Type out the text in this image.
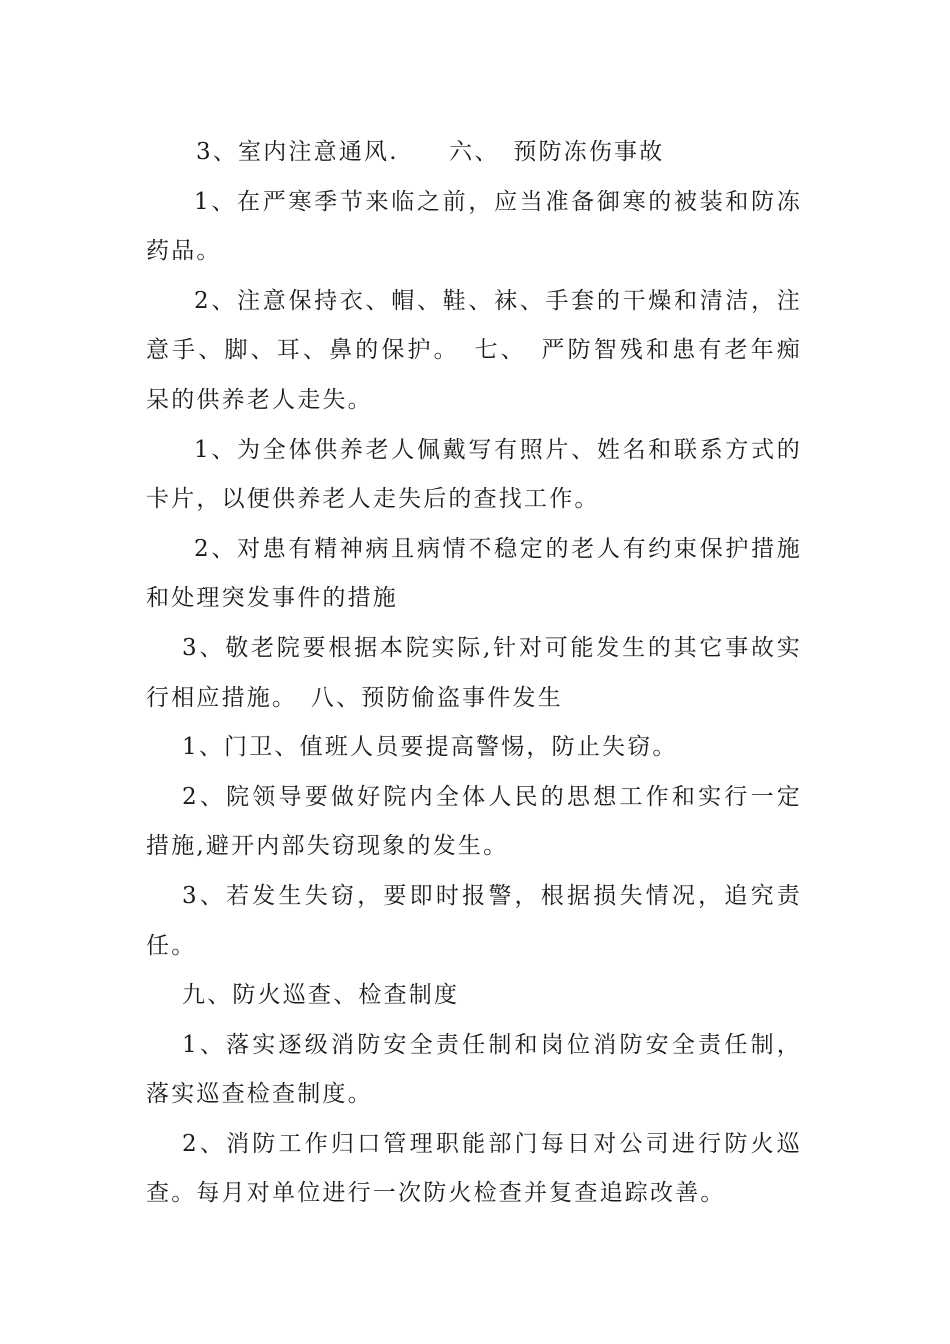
3、室内注意通风.　　六、　预防冻伤事故

1、在严寒季节来临之前，应当准备御寒的被装和防冻药品。

2、注意保持衣、帽、鞋、袜、手套的干燥和清洁，注意手、脚、耳、鼻的保护。　七、　严防智残和患有老年痴呆的供养老人走失。

1、为全体供养老人佩戴写有照片、姓名和联系方式的卡片，以便供养老人走失后的查找工作。

2、对患有精神病且病情不稳定的老人有约束保护措施和处理突发事件的措施

3、敬老院要根据本院实际,针对可能发生的其它事故实行相应措施。　八、预防偷盗事件发生

1、门卫、值班人员要提高警惕，防止失窃。

2、院领导要做好院内全体人民的思想工作和实行一定措施,避开内部失窃现象的发生。

3、若发生失窃，要即时报警，根据损失情况，追究责任。

九、防火巡查、检查制度

1、落实逐级消防安全责任制和岗位消防安全责任制，落实巡查检查制度。

2、消防工作归口管理职能部门每日对公司进行防火巡查。每月对单位进行一次防火检查并复查追踪改善。
